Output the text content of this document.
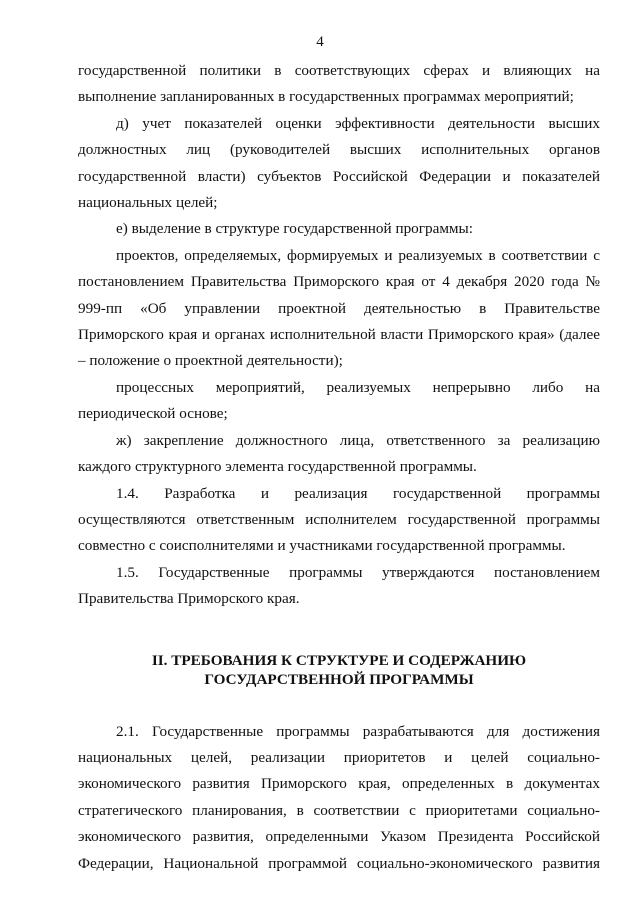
4

государственной политики в соответствующих сферах и влияющих на выполнение запланированных в государственных программах мероприятий;

д) учет показателей оценки эффективности деятельности высших должностных лиц (руководителей высших исполнительных органов государственной власти) субъектов Российской Федерации и показателей национальных целей;

е) выделение в структуре государственной программы:

проектов, определяемых, формируемых и реализуемых в соответствии с постановлением Правительства Приморского края от 4 декабря 2020 года № 999-пп «Об управлении проектной деятельностью в Правительстве Приморского края и органах исполнительной власти Приморского края» (далее – положение о проектной деятельности);

процессных мероприятий, реализуемых непрерывно либо на периодической основе;

ж) закрепление должностного лица, ответственного за реализацию каждого структурного элемента государственной программы.

1.4. Разработка и реализация государственной программы осуществляются ответственным исполнителем государственной программы совместно с соисполнителями и участниками государственной программы.

1.5. Государственные программы утверждаются постановлением Правительства Приморского края.

II. ТРЕБОВАНИЯ К СТРУКТУРЕ И СОДЕРЖАНИЮ

ГОСУДАРСТВЕННОЙ ПРОГРАММЫ

2.1. Государственные программы разрабатываются для достижения национальных целей, реализации приоритетов и целей социально-экономического развития Приморского края, определенных в документах стратегического планирования, в соответствии с приоритетами социально-экономического развития, определенными Указом Президента Российской Федерации, Национальной программой социально-экономического развития
